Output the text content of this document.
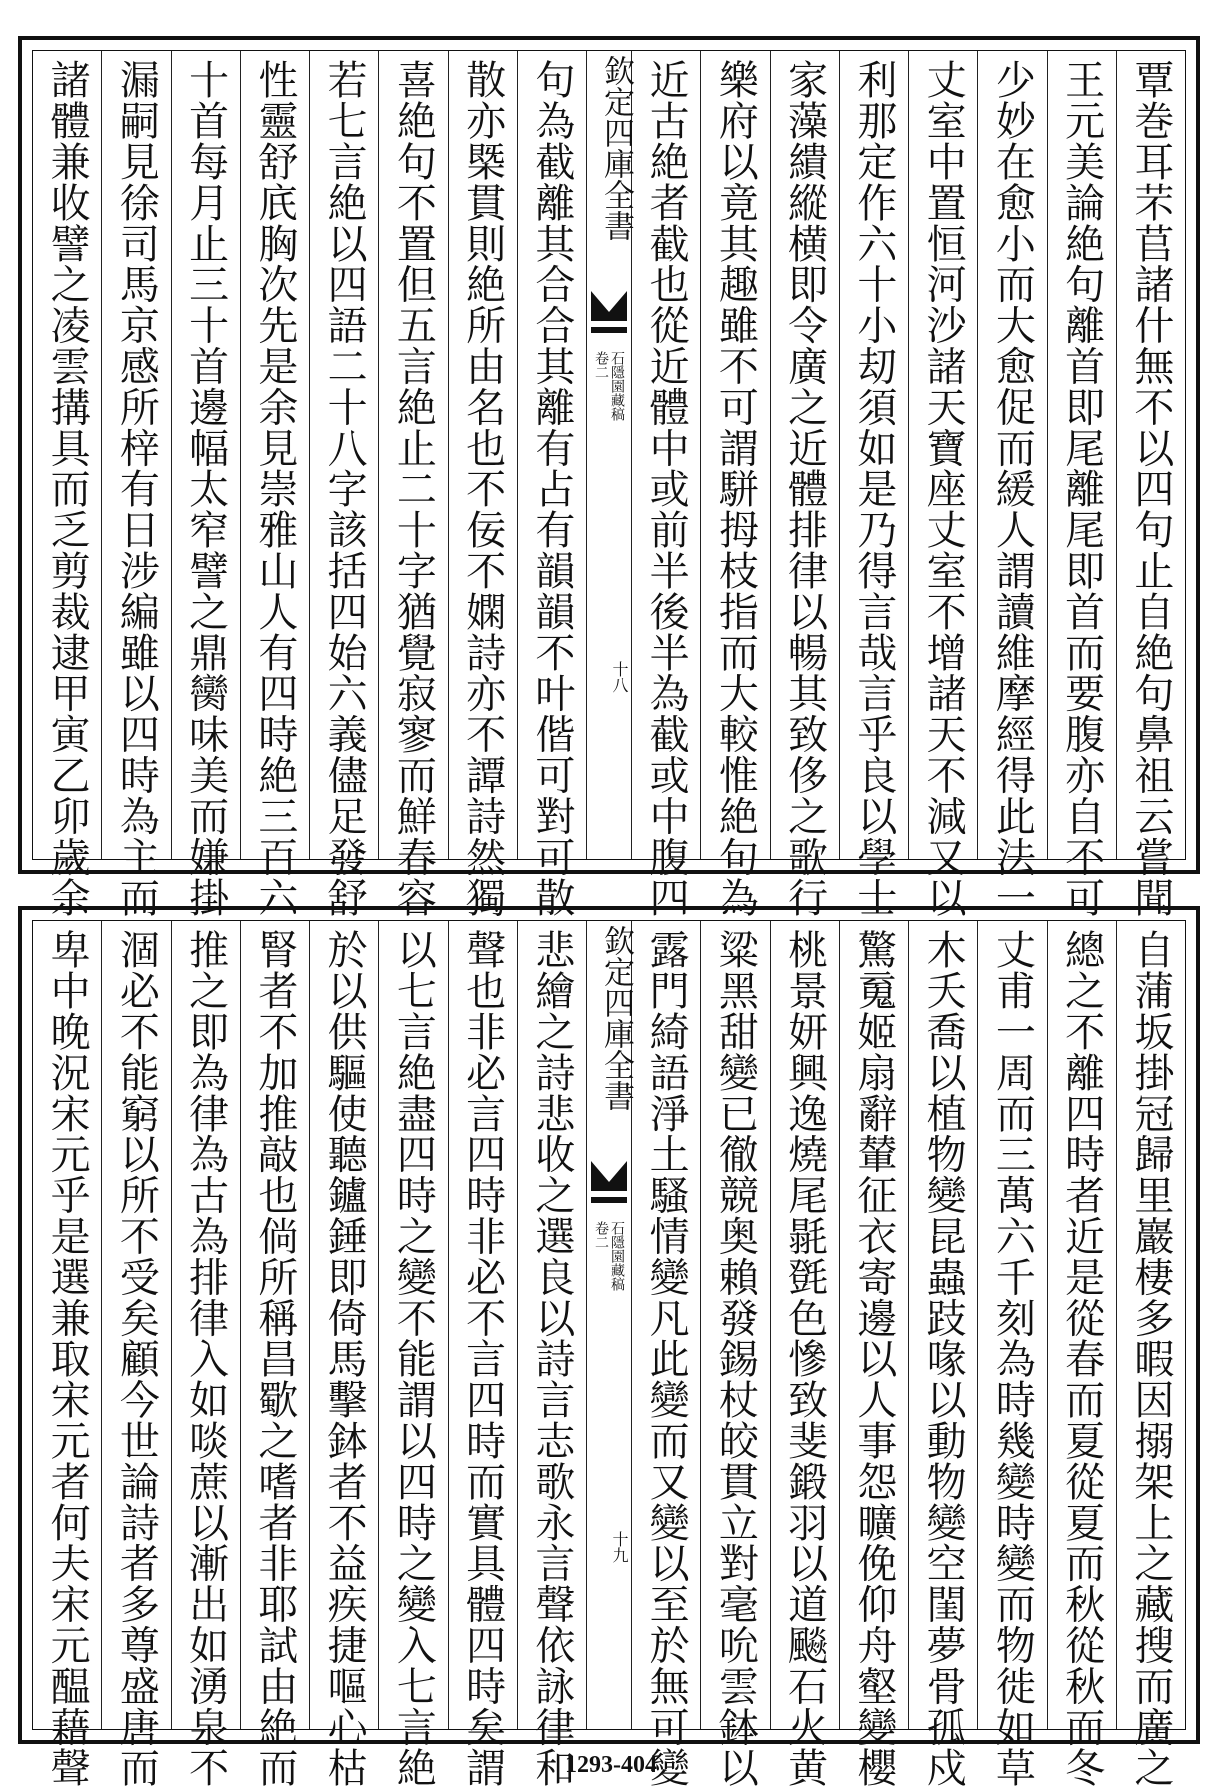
覃巻耳芣苢諸什無不以四句止自絶句鼻祖云嘗聞
王元美論絶句離首即尾離尾即首而要腹亦自不可
少妙在愈小而大愈促而緩人謂讀維摩經得此法一
丈室中置恒河沙諸天寶座丈室不增諸天不減又以
利那定作六十小刧須如是乃得言哉言乎良以學士
家藻繢縱横即令廣之近體排律以暢其致侈之歌行
樂府以竟其趣雖不可謂駢拇枝指而大較惟絶句為
近古絶者截也從近體中或前半後半為截或中腹四
欽定四庫全書
石隱園藏稿
卷二
十八
句為截離其合合其離有占有韻韻不叶偕可對可散
散亦槩貫則絶所由名也不佞不嫻詩亦不譚詩然獨
喜絶句不置但五言絶止二十字猶覺寂寥而鮮春容
若七言絶以四語二十八字該括四始六義儘足發舒
性靈舒㡳胸次先是余見崇雅山人有四時絶三百六
十首每月止三十首邊幅太窄譬之鼎臠味美而嫌掛
漏嗣見徐司馬京感所梓有日涉編雖以四時為主而
諸體兼收譬之凌雲搆具而乏剪裁逮甲寅乙卯歲余
自蒲坂掛冠歸里巖棲多暇因搦架上之藏搜而廣之
總之不離四時者近是從春而夏從夏而秋從秋而冬
丈甫一周而三萬六千刻為時幾變時變而物徙如草
木夭喬以植物變昆蟲跂喙以動物變空閨夢骨孤戍
驚䰟姬扇辭輦征衣寄邊以人事怨曠俛仰舟壑變櫻
桃景妍興逸燒尾毾㲪色慘致斐鍛羽以道飈石火黄
粱黑甜變已徹競奥賴發錫杖皎貫立對毫吮雲鉢以
露門綺語淨土騷情變凡此變而又變以至於無可變
欽定四庫全書
石隱園藏稿
卷二
十九
悲繪之詩悲收之選良以詩言志歌永言聲依詠律和
聲也非必言四時非必不言四時而實具體四時矣謂
以七言絶盡四時之變不能謂以四時之變入七言絶
於以供驅使聽鑪錘即倚馬擊鉢者不益疾捷嘔心枯
腎者不加推敲也倘所稱昌歜之嗜者非耶試由絶而
推之即為律為古為排律入如啖蔗以漸出如湧泉不
涸必不能窮以所不受矣顧今世論詩者多尊盛唐而
卑中晚況宋元乎是選兼取宋元者何夫宋元醖藉聲	1293-404
